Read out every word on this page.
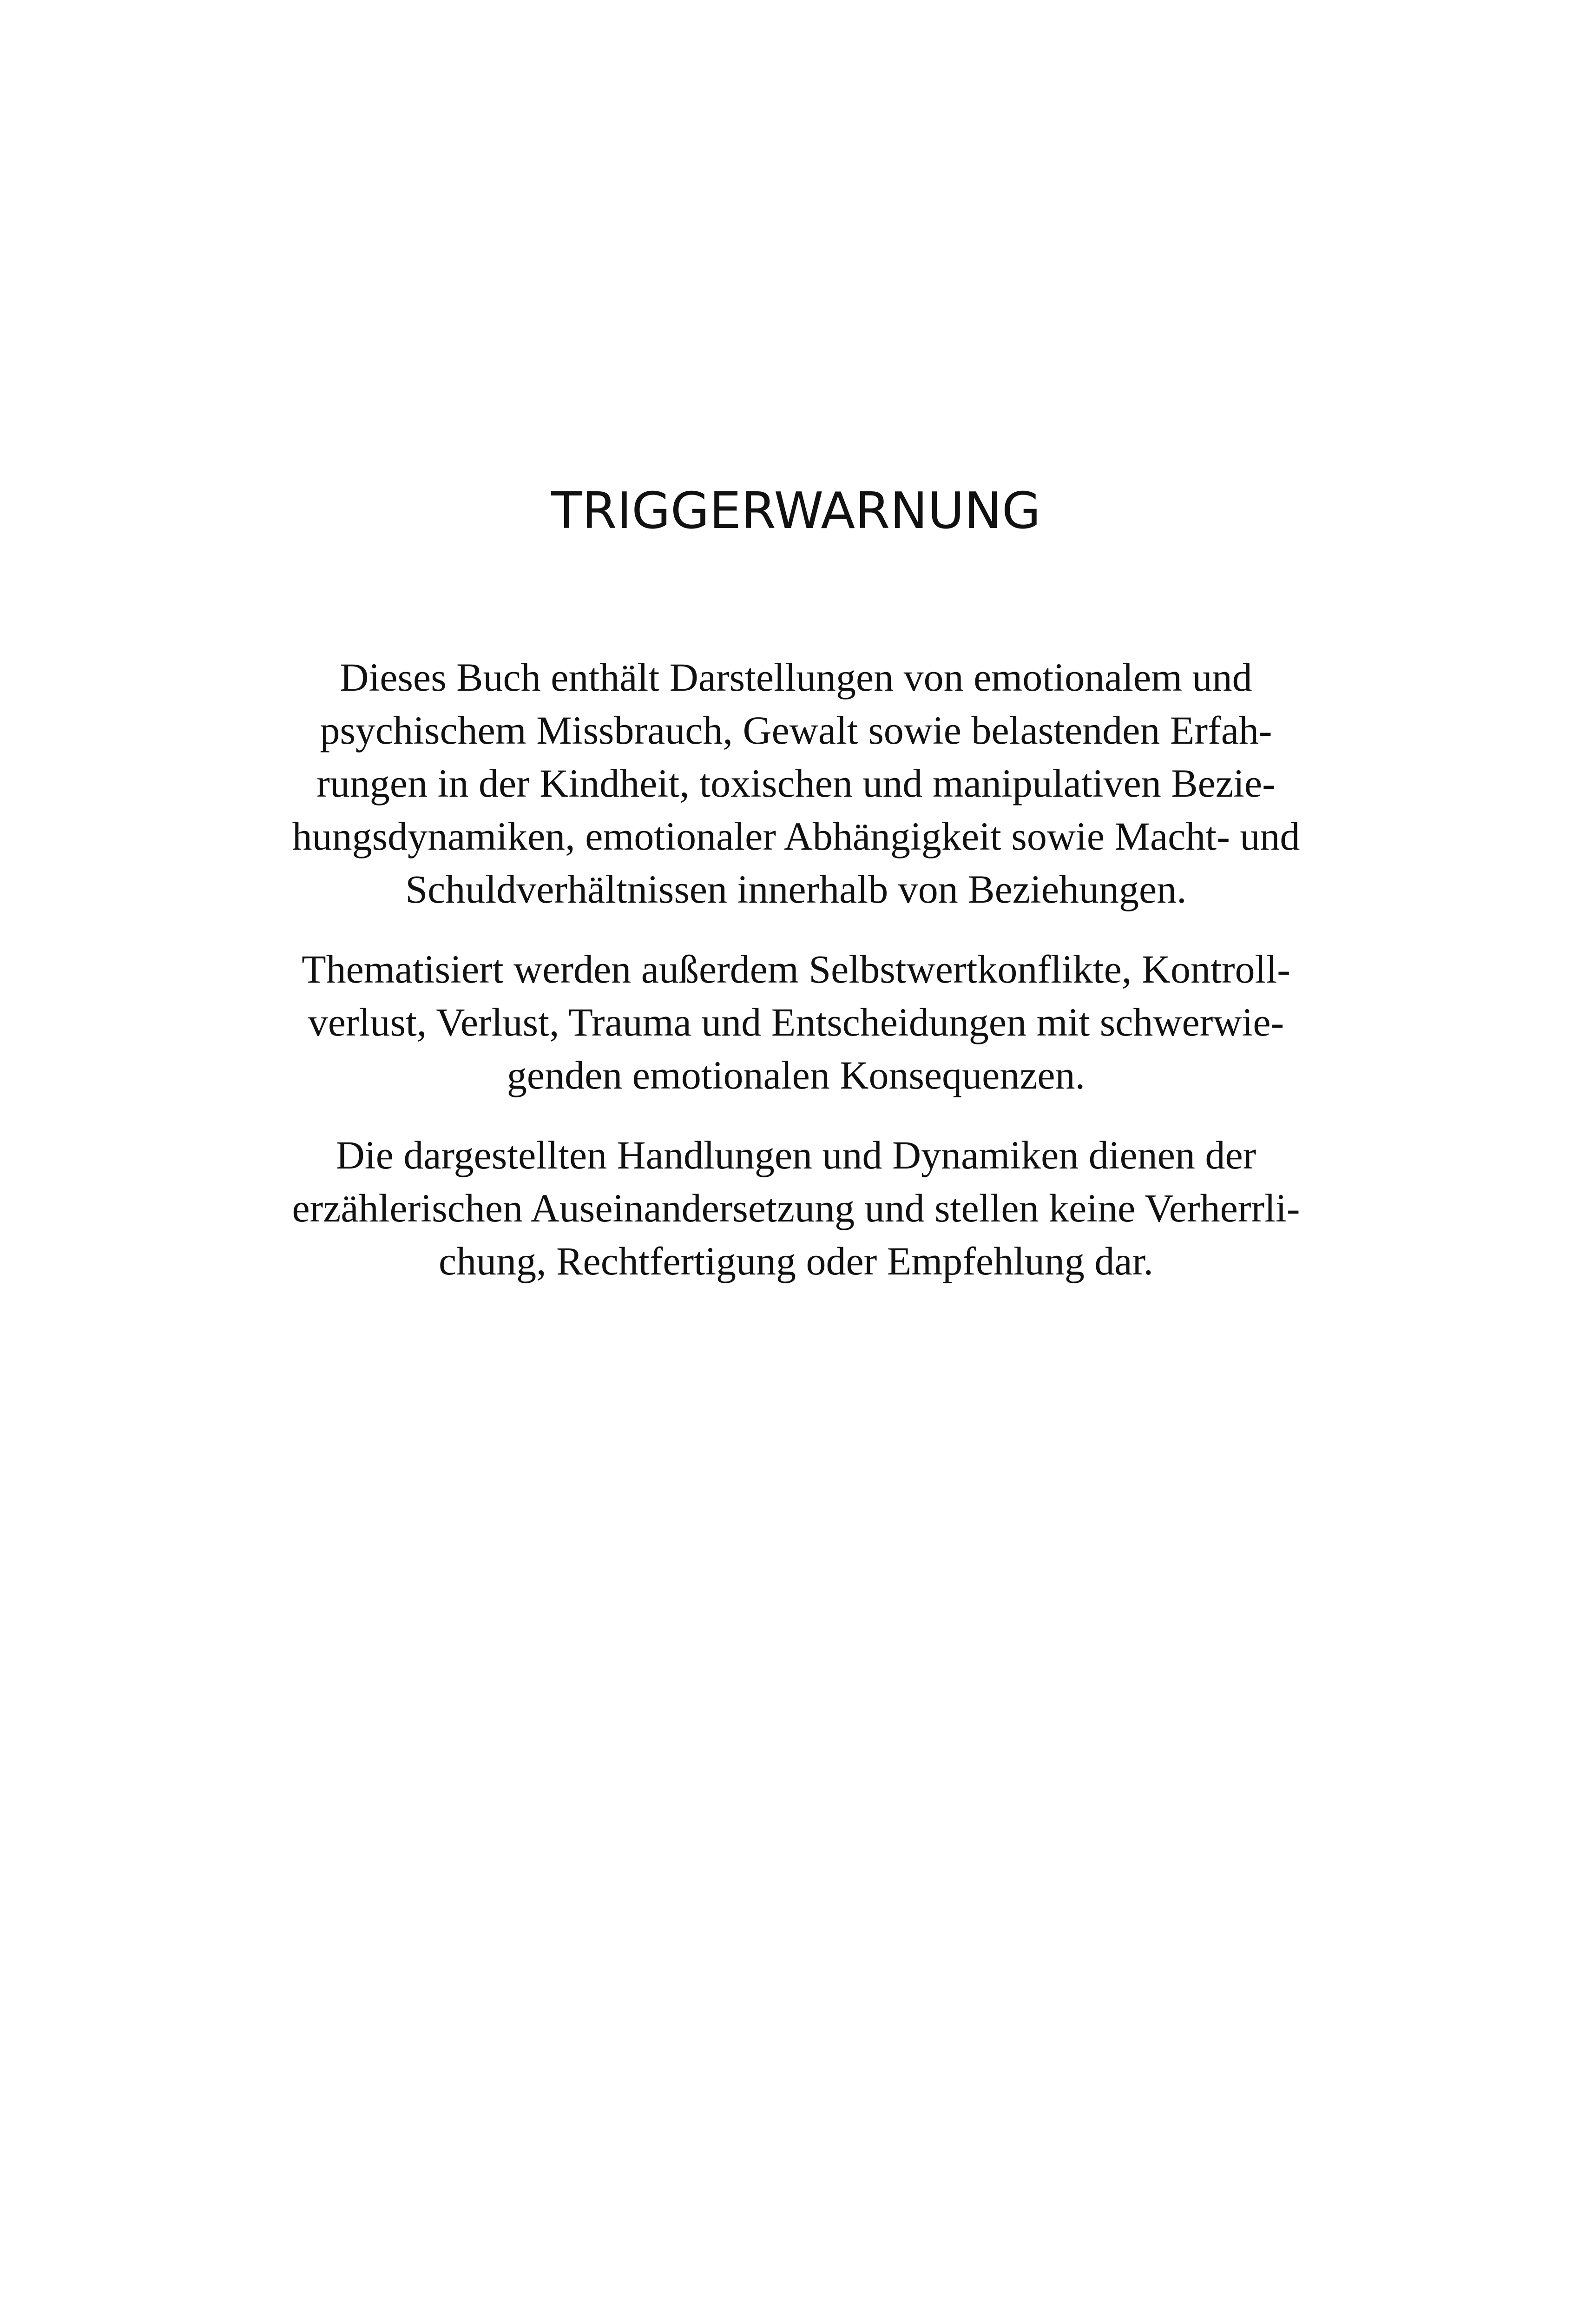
TRIGGERWARNUNG

Dieses Buch enthält Darstellungen von emotionalem und
psychischem Missbrauch, Gewalt sowie belastenden Erfah-
rungen in der Kindheit, toxischen und manipulativen Bezie-
hungsdynamiken, emotionaler Abhängigkeit sowie Macht- und
Schuldverhältnissen innerhalb von Beziehungen.

Thematisiert werden außerdem Selbstwertkonflikte, Kontroll-
verlust, Verlust, Trauma und Entscheidungen mit schwerwie-
genden emotionalen Konsequenzen.

Die dargestellten Handlungen und Dynamiken dienen der
erzählerischen Auseinandersetzung und stellen keine Verherrli-
chung, Rechtfertigung oder Empfehlung dar.
